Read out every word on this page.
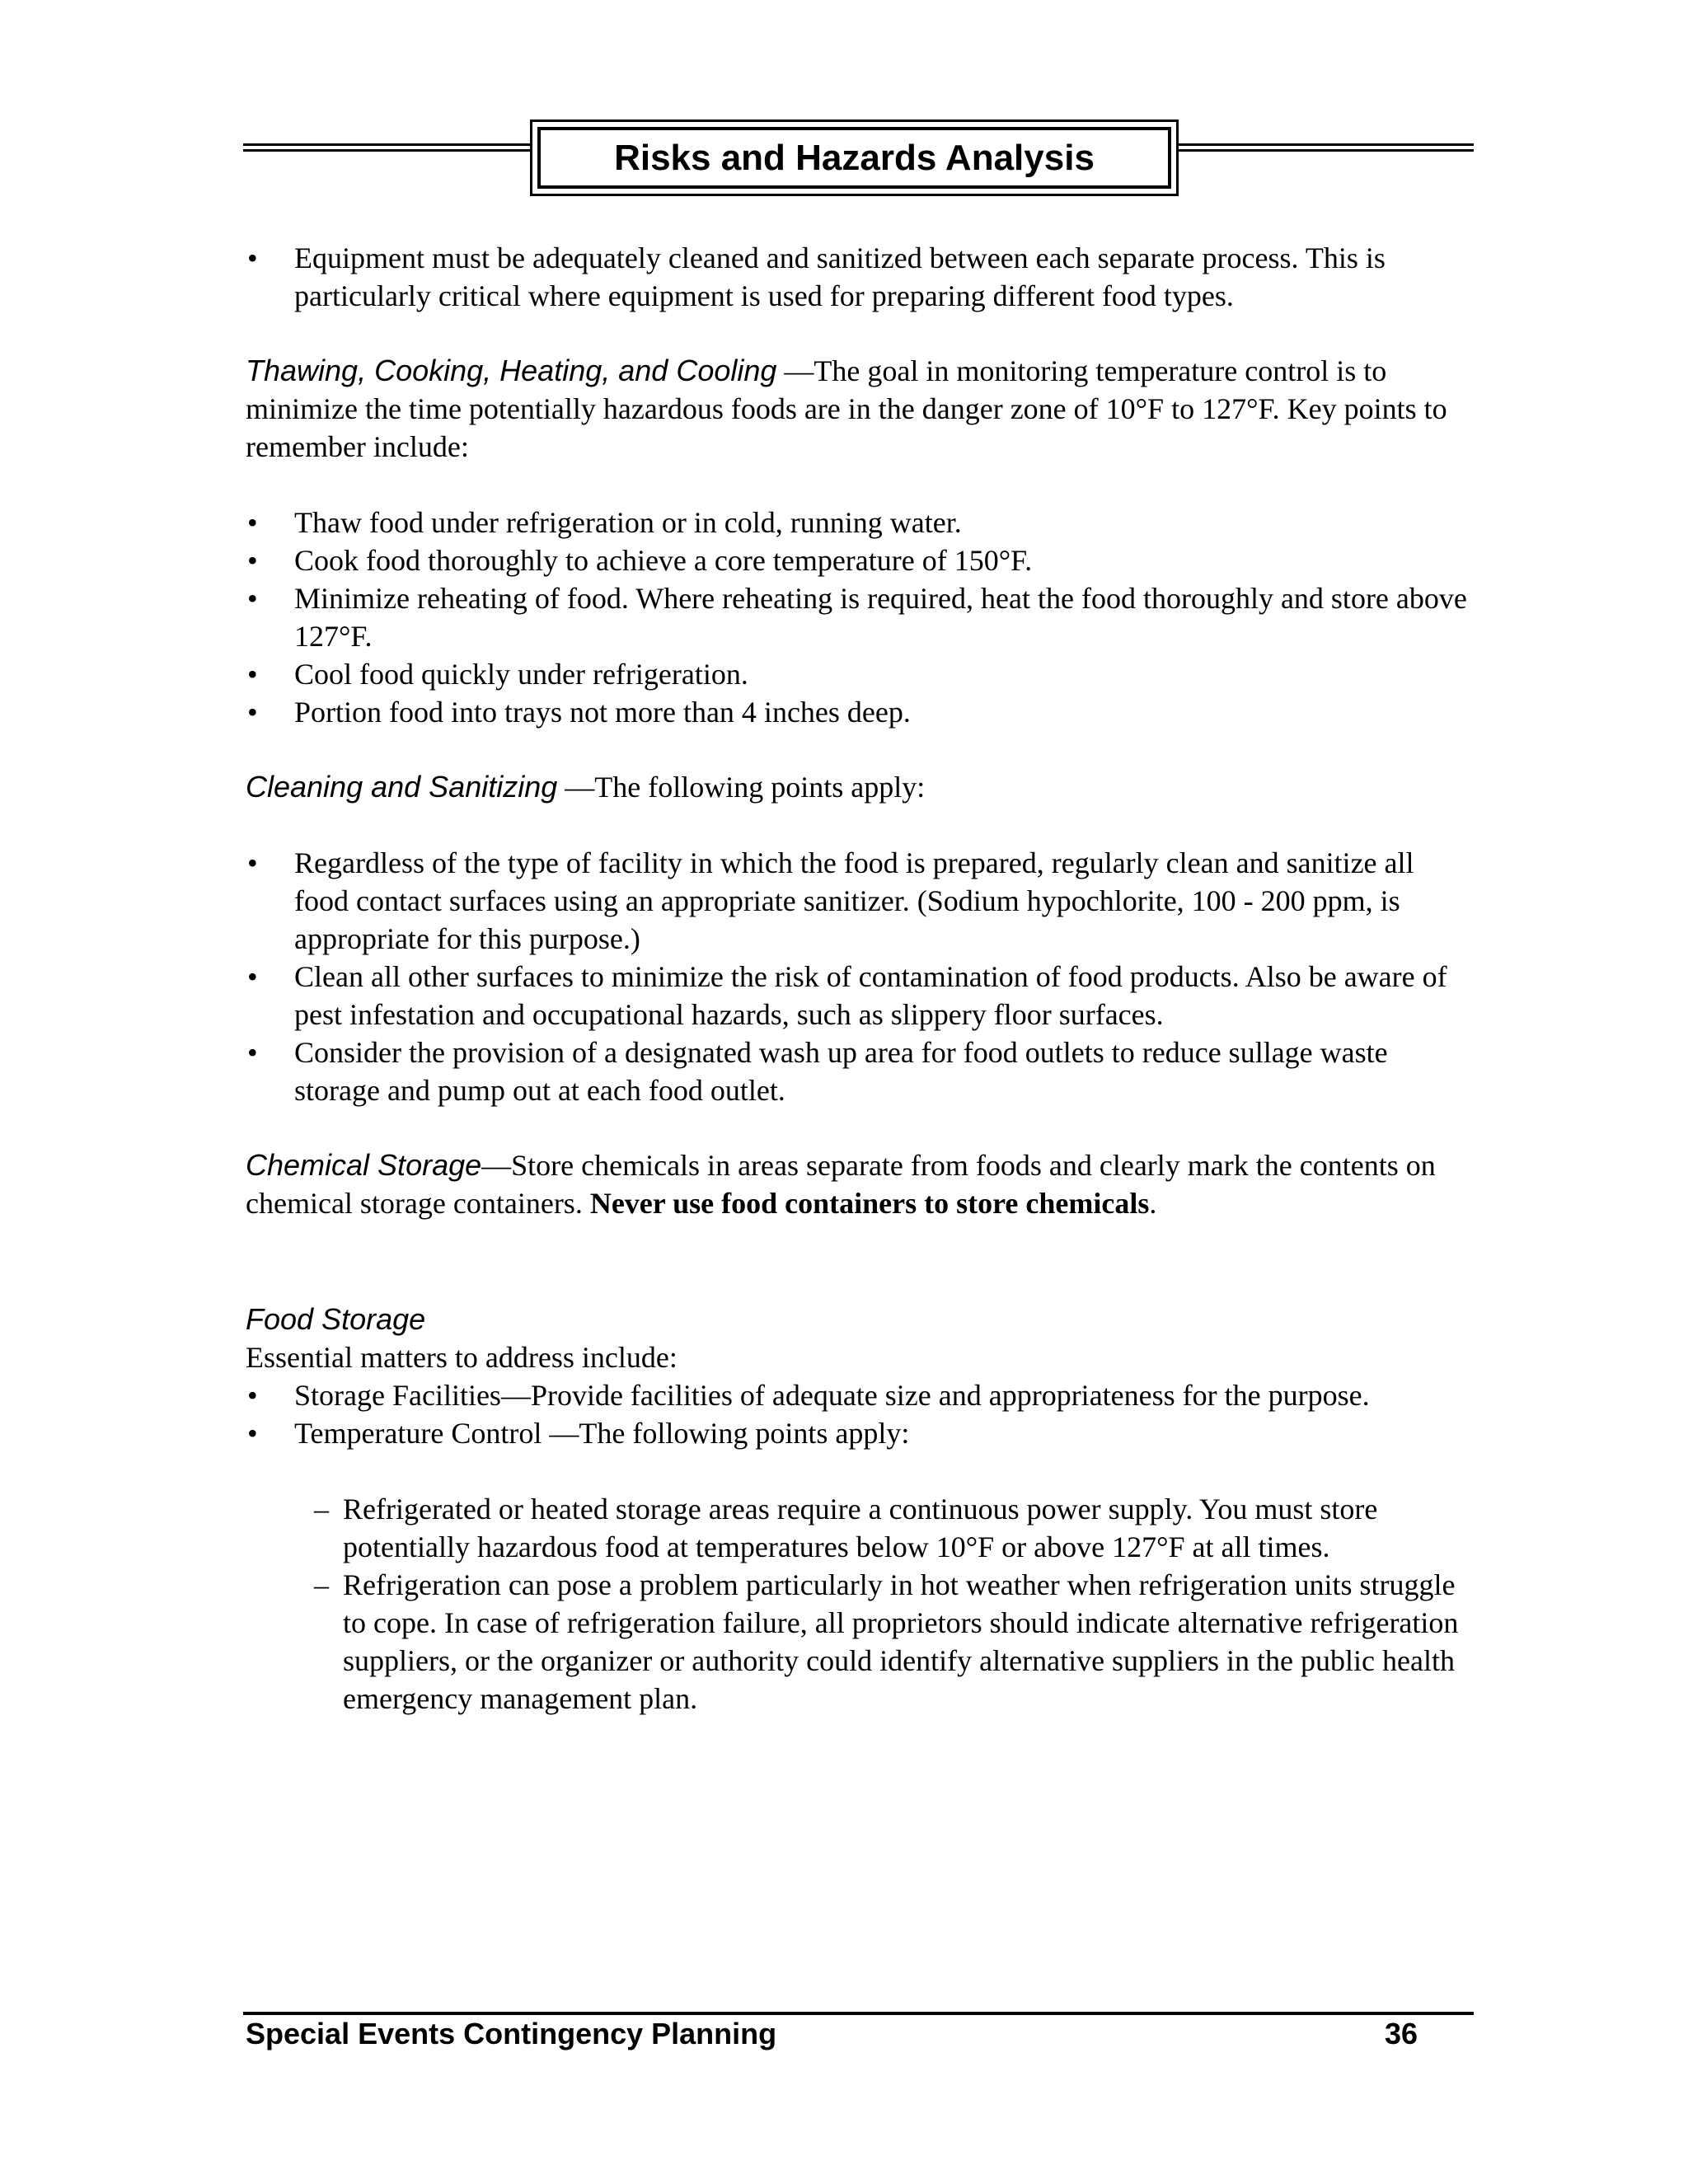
Risks and Hazards Analysis
• Equipment must be adequately cleaned and sanitized between each separate process. This is particularly critical where equipment is used for preparing different food types.

Thawing, Cooking, Heating, and Cooling —The goal in monitoring temperature control is to minimize the time potentially hazardous foods are in the danger zone of 10°F to 127°F. Key points to remember include:

• Thaw food under refrigeration or in cold, running water.
• Cook food thoroughly to achieve a core temperature of 150°F.
• Minimize reheating of food. Where reheating is required, heat the food thoroughly and store above 127°F.
• Cool food quickly under refrigeration.
• Portion food into trays not more than 4 inches deep.

Cleaning and Sanitizing —The following points apply:

• Regardless of the type of facility in which the food is prepared, regularly clean and sanitize all food contact surfaces using an appropriate sanitizer. (Sodium hypochlorite, 100 - 200 ppm, is appropriate for this purpose.)
• Clean all other surfaces to minimize the risk of contamination of food products. Also be aware of pest infestation and occupational hazards, such as slippery floor surfaces.
• Consider the provision of a designated wash up area for food outlets to reduce sullage waste storage and pump out at each food outlet.

Chemical Storage—Store chemicals in areas separate from foods and clearly mark the contents on chemical storage containers. Never use food containers to store chemicals.

Food Storage

Essential matters to address include:

• Storage Facilities—Provide facilities of adequate size and appropriateness for the purpose.
• Temperature Control —The following points apply:
– Refrigerated or heated storage areas require a continuous power supply. You must store potentially hazardous food at temperatures below 10°F or above 127°F at all times.
– Refrigeration can pose a problem particularly in hot weather when refrigeration units struggle to cope. In case of refrigeration failure, all proprietors should indicate alternative refrigeration suppliers, or the organizer or authority could identify alternative suppliers in the public health emergency management plan.
Special Events Contingency Planning	36
